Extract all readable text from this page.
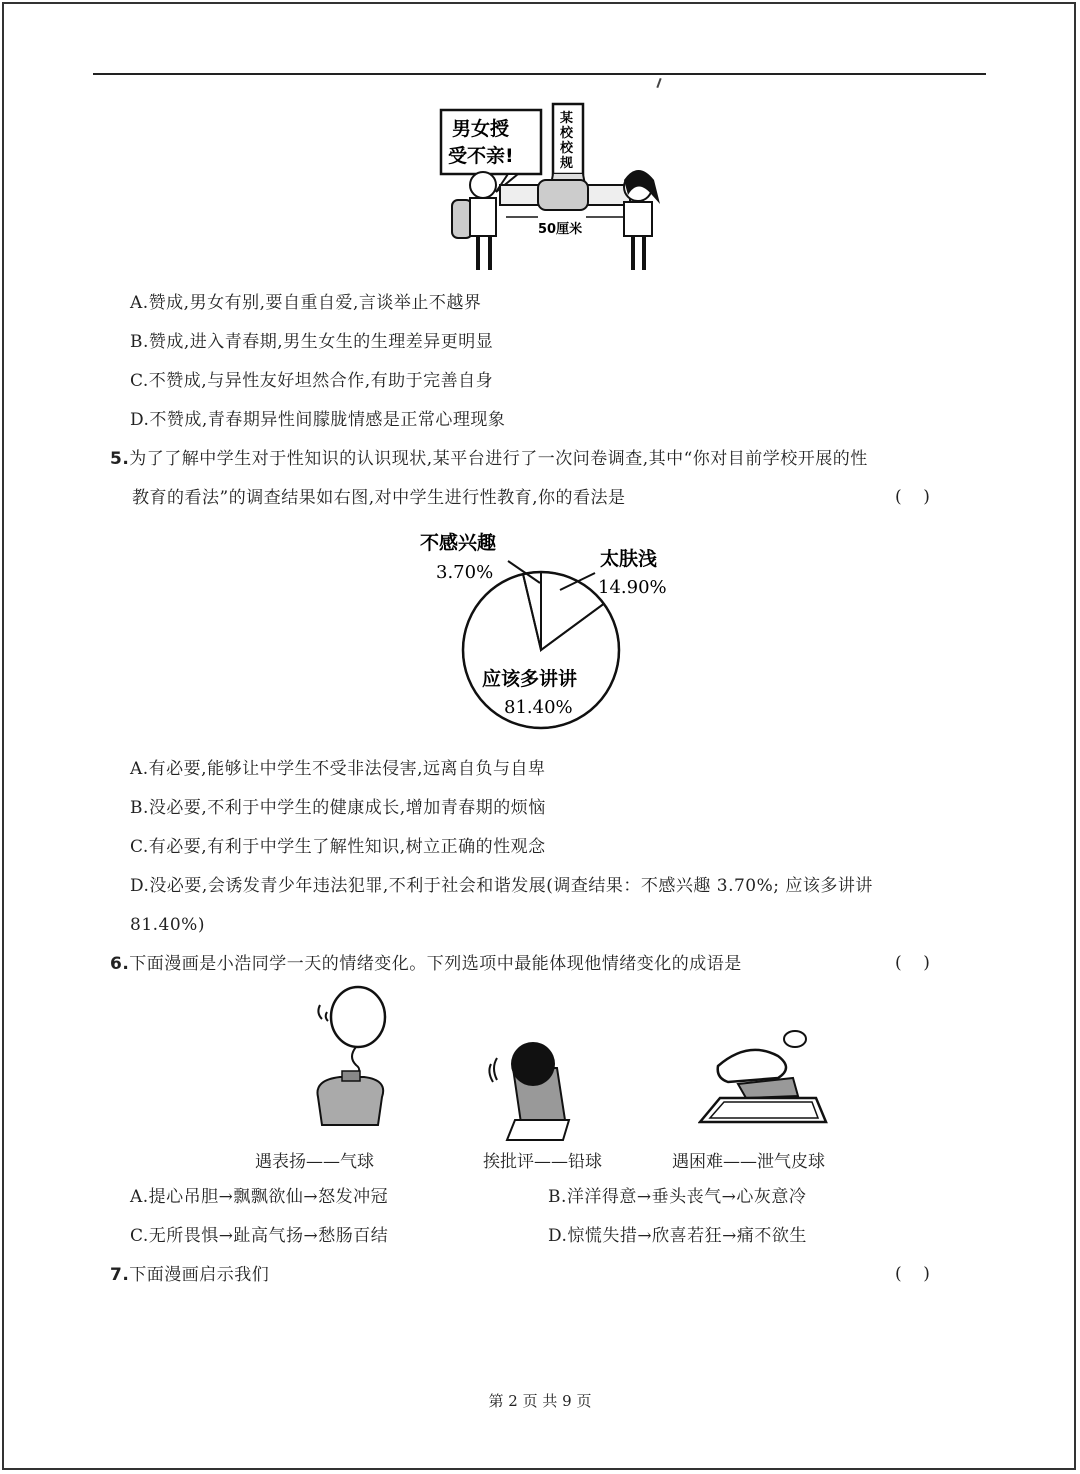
男女授
受不亲!
某
校
校
规
50厘米
A.赞成,男女有别,要自重自爱,言谈举止不越界
B.赞成,进入青春期,男生女生的生理差异更明显
C.不赞成,与异性友好坦然合作,有助于完善自身
D.不赞成,青春期异性间朦胧情感是正常心理现象
5.为了了解中学生对于性知识的认识现状,某平台进行了一次问卷调查,其中“你对目前学校开展的性
教育的看法”的调查结果如右图,对中学生进行性教育,你的看法是	(    )
不感兴趣
3.70%
太肤浅
14.90%
应该多讲讲
81.40%
A.有必要,能够让中学生不受非法侵害,远离自负与自卑
B.没必要,不利于中学生的健康成长,增加青春期的烦恼
C.有必要,有利于中学生了解性知识,树立正确的性观念
D.没必要,会诱发青少年违法犯罪,不利于社会和谐发展(调查结果：不感兴趣 3.70%; 应该多讲讲
81.40%)
6.下面漫画是小浩同学一天的情绪变化。下列选项中最能体现他情绪变化的成语是	(    )
遇表扬——气球	挨批评——铅球	遇困难——泄气皮球
A.提心吊胆→飘飘欲仙→怒发冲冠	B.洋洋得意→垂头丧气→心灰意冷
C.无所畏惧→趾高气扬→愁肠百结	D.惊慌失措→欣喜若狂→痛不欲生
7.下面漫画启示我们	(    )
第 2 页 共 9 页
